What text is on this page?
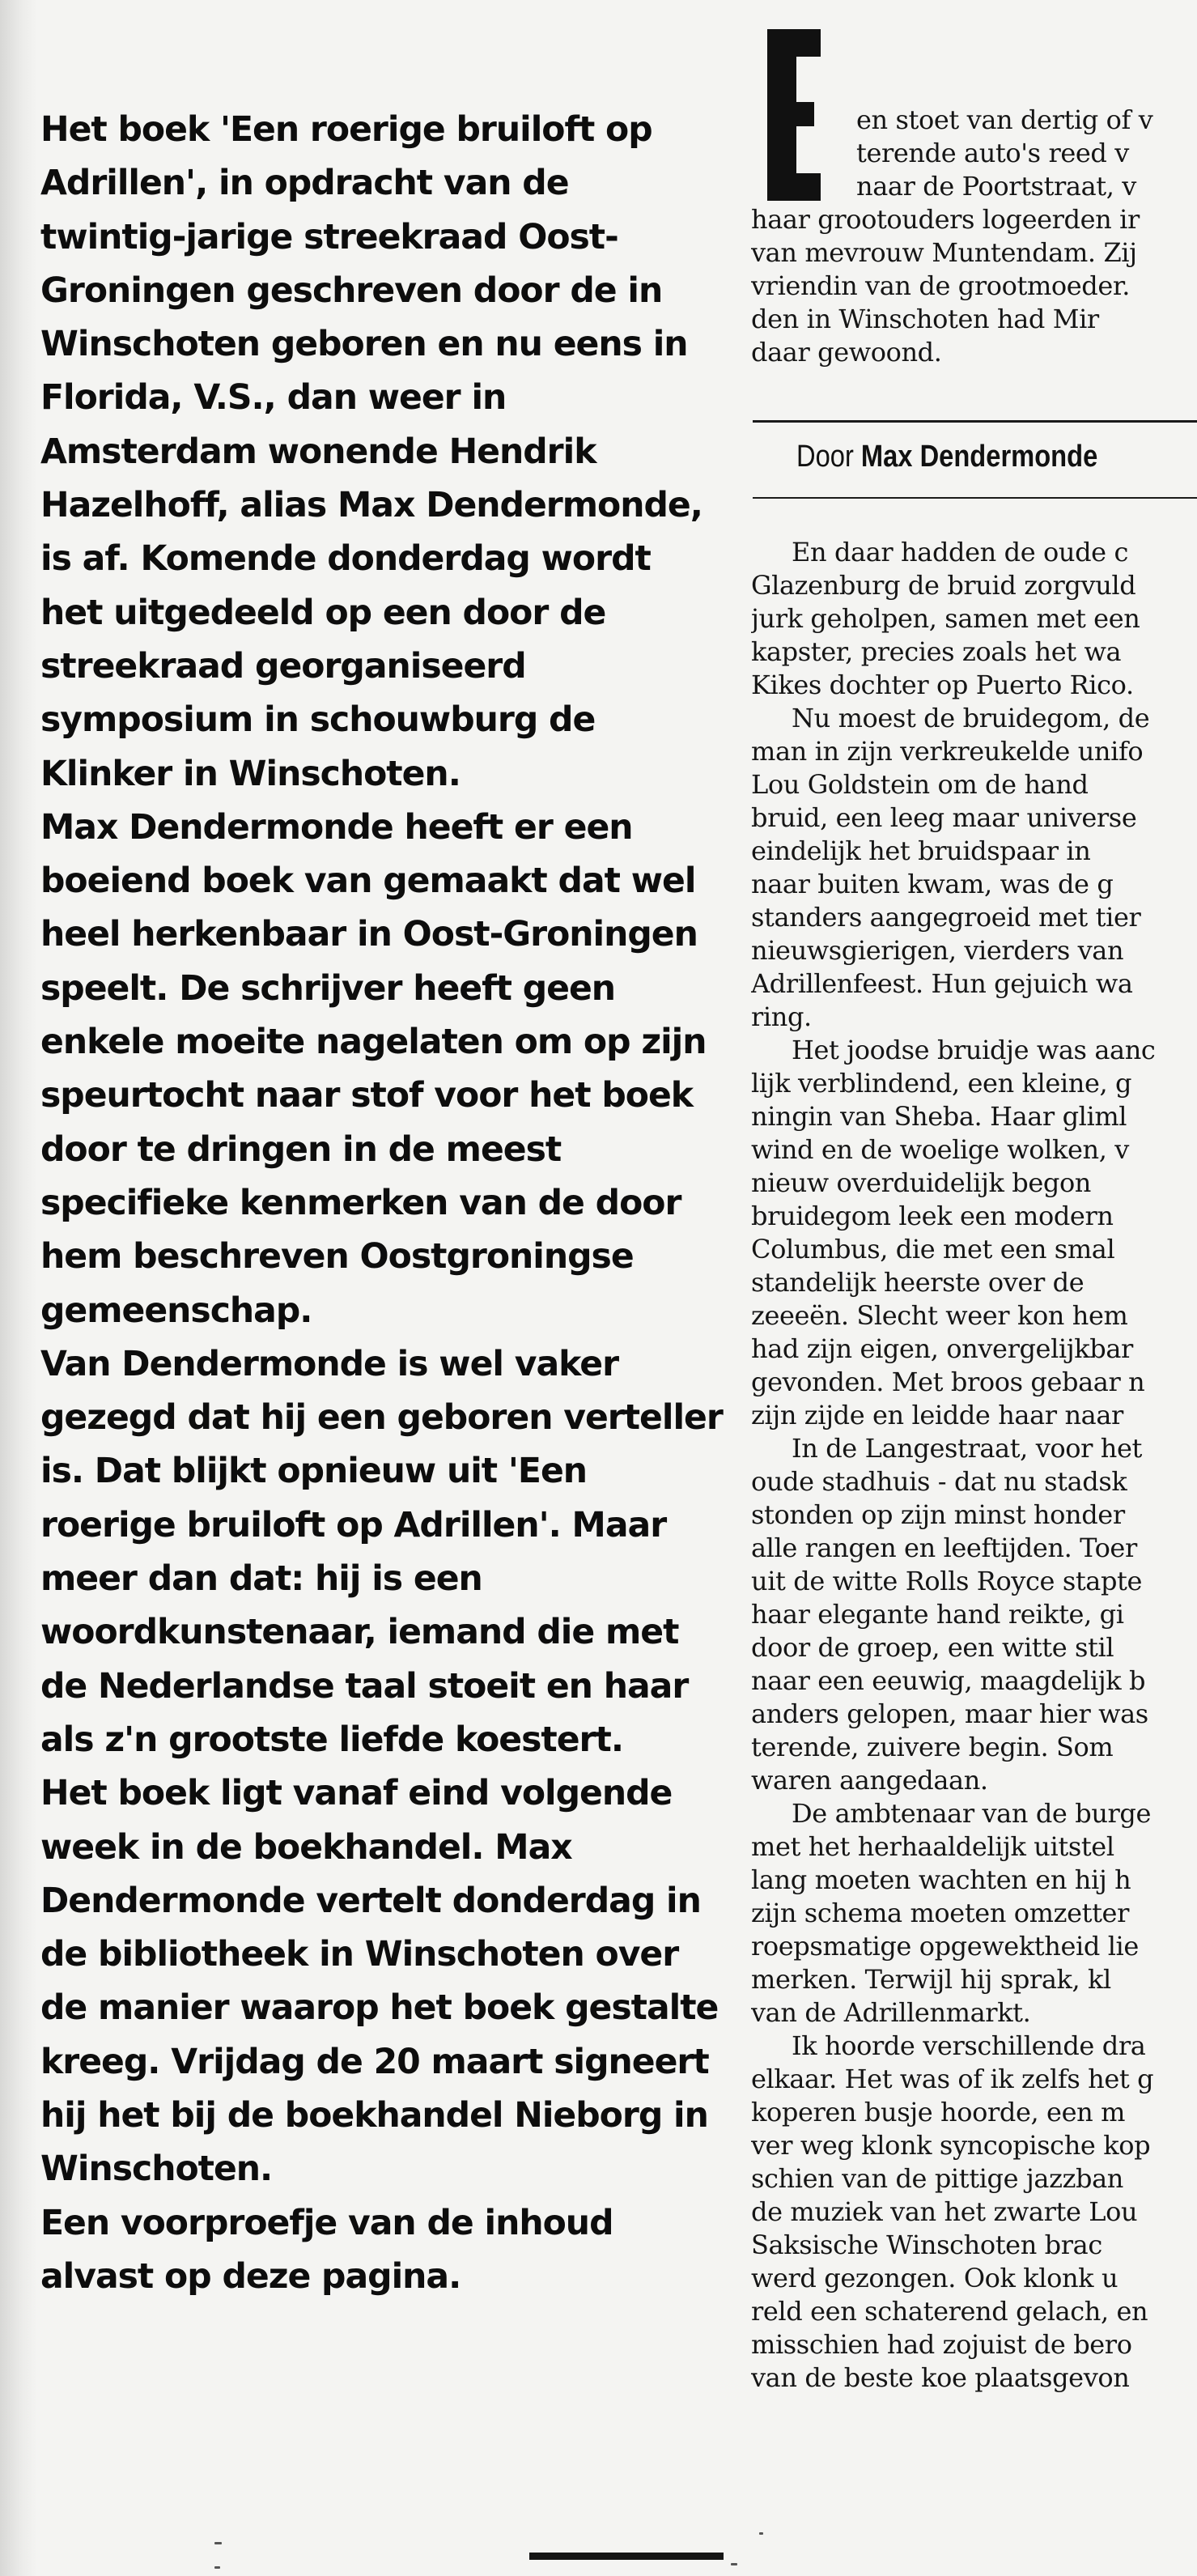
Het boek 'Een roerige bruiloft op
Adrillen', in opdracht van de
twintig-jarige streekraad Oost-
Groningen geschreven door de in
Winschoten geboren en nu eens in
Florida, V.S., dan weer in
Amsterdam wonende Hendrik
Hazelhoff, alias Max Dendermonde,
is af. Komende donderdag wordt
het uitgedeeld op een door de
streekraad georganiseerd
symposium in schouwburg de
Klinker in Winschoten.
Max Dendermonde heeft er een
boeiend boek van gemaakt dat wel
heel herkenbaar in Oost-Groningen
speelt. De schrijver heeft geen
enkele moeite nagelaten om op zijn
speurtocht naar stof voor het boek
door te dringen in de meest
specifieke kenmerken van de door
hem beschreven Oostgroningse
gemeenschap.
Van Dendermonde is wel vaker
gezegd dat hij een geboren verteller
is. Dat blijkt opnieuw uit 'Een
roerige bruiloft op Adrillen'. Maar
meer dan dat: hij is een
woordkunstenaar, iemand die met
de Nederlandse taal stoeit en haar
als z'n grootste liefde koestert.
Het boek ligt vanaf eind volgende
week in de boekhandel. Max
Dendermonde vertelt donderdag in
de bibliotheek in Winschoten over
de manier waarop het boek gestalte
kreeg. Vrijdag de 20 maart signeert
hij het bij de boekhandel Nieborg in
Winschoten.
Een voorproefje van de inhoud
alvast op deze pagina.
en stoet van dertig of v
terende auto's reed v
naar de Poortstraat, v
haar grootouders logeerden ir
van mevrouw Muntendam. Zij
vriendin van de grootmoeder.
den in Winschoten had Mir
daar gewoond.
Door Max Dendermonde
En daar hadden de oude c
Glazenburg de bruid zorgvuld
jurk geholpen, samen met een
kapster, precies zoals het wa
Kikes dochter op Puerto Rico.
Nu moest de bruidegom, de
man in zijn verkreukelde unifo
Lou Goldstein om de hand
bruid, een leeg maar universe
eindelijk het bruidspaar in
naar buiten kwam, was de g
standers aangegroeid met tier
nieuwsgierigen, vierders van
Adrillenfeest. Hun gejuich wa
ring.
Het joodse bruidje was aanc
lijk verblindend, een kleine, g
ningin van Sheba. Haar gliml
wind en de woelige wolken, v
nieuw overduidelijk begon
bruidegom leek een modern
Columbus, die met een smal
standelijk heerste over de
zeeeën. Slecht weer kon hem
had zijn eigen, onvergelijkbar
gevonden. Met broos gebaar n
zijn zijde en leidde haar naar
In de Langestraat, voor het
oude stadhuis - dat nu stadsk
stonden op zijn minst honder
alle rangen en leeftijden. Toer
uit de witte Rolls Royce stapte
haar elegante hand reikte, gi
door de groep, een witte stil
naar een eeuwig, maagdelijk b
anders gelopen, maar hier was
terende, zuivere begin. Som
waren aangedaan.
De ambtenaar van de burge
met het herhaaldelijk uitstel
lang moeten wachten en hij h
zijn schema moeten omzetter
roepsmatige opgewektheid lie
merken. Terwijl hij sprak, kl
van de Adrillenmarkt.
Ik hoorde verschillende dra
elkaar. Het was of ik zelfs het g
koperen busje hoorde, een m
ver weg klonk syncopische kop
schien van de pittige jazzban
de muziek van het zwarte Lou
Saksische Winschoten brac
werd gezongen. Ook klonk u
reld een schaterend gelach, en
misschien had zojuist de bero
van de beste koe plaatsgevon
